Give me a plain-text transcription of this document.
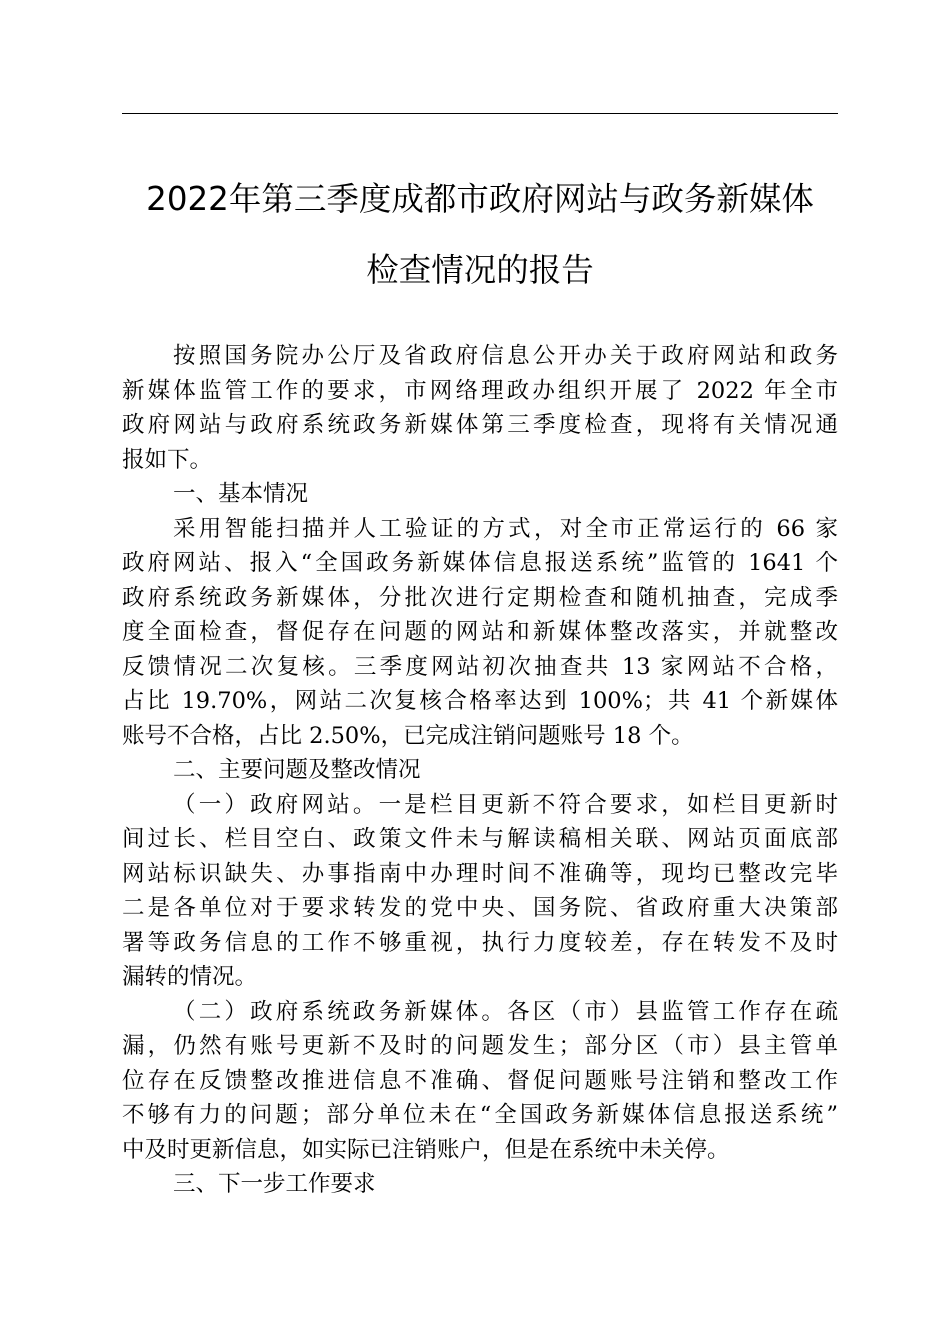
2022年第三季度成都市政府网站与政务新媒体
检查情况的报告
按照国务院办公厅及省政府信息公开办关于政府网站和政务
新媒体监管工作的要求，市网络理政办组织开展了 2022 年全市
政府网站与政府系统政务新媒体第三季度检查，现将有关情况通
报如下。
一、基本情况
采用智能扫描并人工验证的方式，对全市正常运行的 66 家
政府网站、报入“全国政务新媒体信息报送系统”监管的 1641 个
政府系统政务新媒体，分批次进行定期检查和随机抽查，完成季
度全面检查，督促存在问题的网站和新媒体整改落实，并就整改
反馈情况二次复核。三季度网站初次抽查共 13 家网站不合格，
占比 19.70%，网站二次复核合格率达到 100%；共 41 个新媒体
账号不合格，占比 2.50%，已完成注销问题账号 18 个。
二、主要问题及整改情况
（一）政府网站。一是栏目更新不符合要求，如栏目更新时
间过长、栏目空白、政策文件未与解读稿相关联、网站页面底部
网站标识缺失、办事指南中办理时间不准确等，现均已整改完毕
二是各单位对于要求转发的党中央、国务院、省政府重大决策部
署等政务信息的工作不够重视，执行力度较差，存在转发不及时
漏转的情况。
（二）政府系统政务新媒体。各区（市）县监管工作存在疏
漏，仍然有账号更新不及时的问题发生；部分区（市）县主管单
位存在反馈整改推进信息不准确、督促问题账号注销和整改工作
不够有力的问题；部分单位未在“全国政务新媒体信息报送系统”
中及时更新信息，如实际已注销账户，但是在系统中未关停。
三、下一步工作要求
